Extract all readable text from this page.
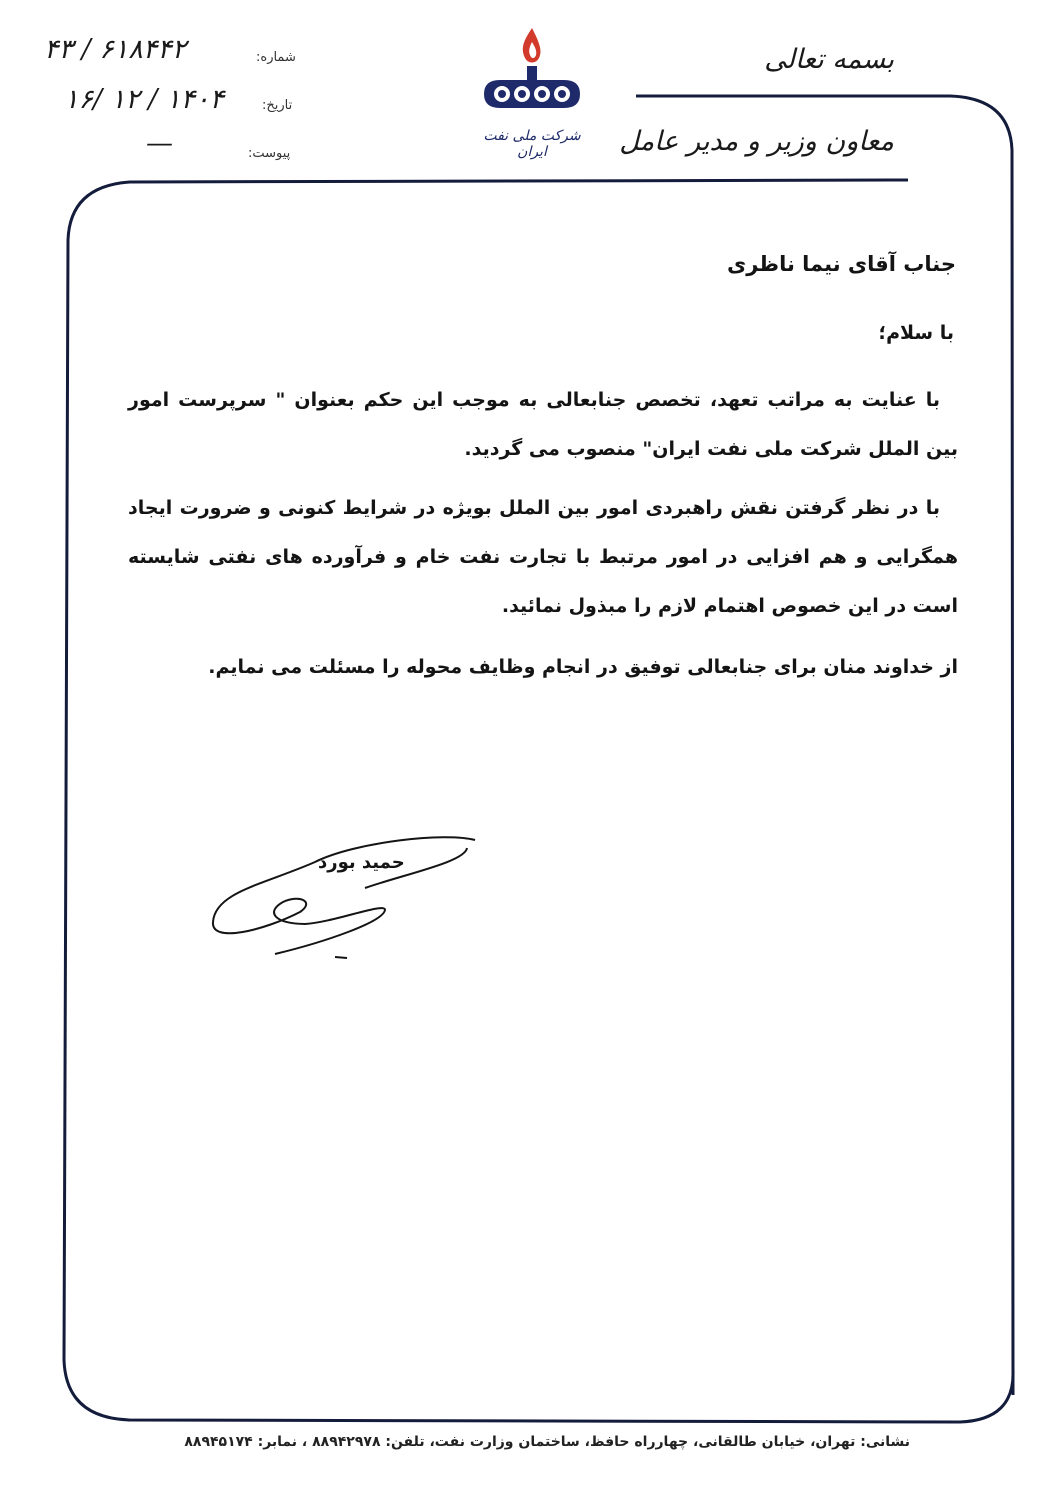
بسمه تعالی
معاون وزیر و مدیر عامل
شرکت ملی نفت ایران
شماره:
۶۱۸۴۴۲ / ۴۳
تاریخ:
۱۴۰۴ / ۱۲ /۱۶
پیوست:
—
جناب آقای نیما ناظری
با سلام؛
با عنایت به مراتب تعهد، تخصص جنابعالی به موجب این حکم بعنوان " سرپرست امور بین الملل شرکت ملی نفت ایران" منصوب می گردید.
با در نظر گرفتن نقش راهبردی امور بین الملل بویژه در شرایط کنونی و ضرورت ایجاد همگرایی و هم افزایی در امور مرتبط با تجارت نفت خام و فرآورده های نفتی شایسته است در این خصوص اهتمام لازم را مبذول نمائید.
از خداوند منان برای جنابعالی توفیق در انجام وظایف محوله را مسئلت می نمایم.
حمید بورد
نشانی: تهران، خیابان طالقانی، چهارراه حافظ، ساختمان وزارت نفت، تلفن: ۸۸۹۴۲۹۷۸ ، نمابر: ۸۸۹۴۵۱۷۴
